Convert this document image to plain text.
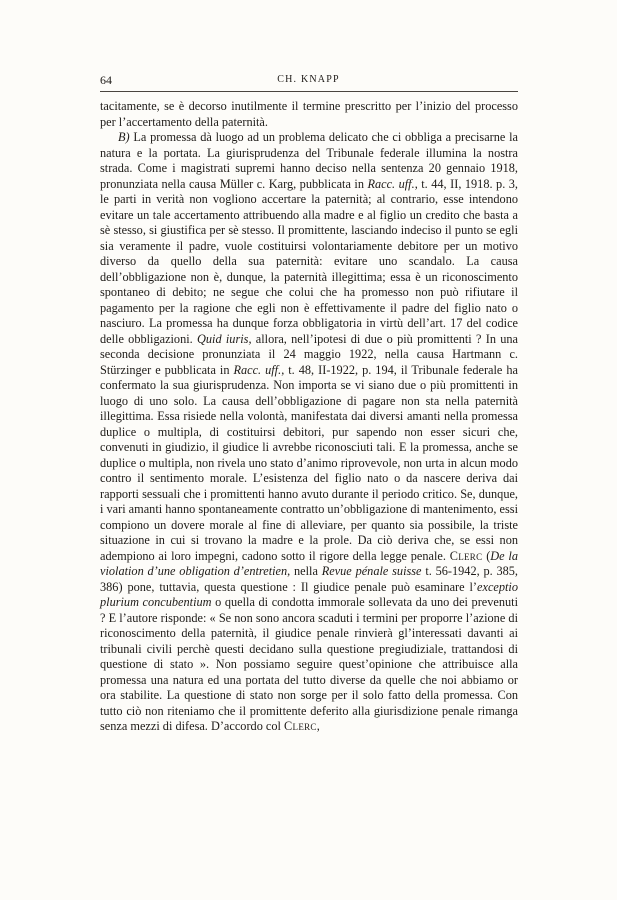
64	CH. KNAPP

tacitamente, se è decorso inutilmente il termine prescritto per l’inizio del processo per l’accertamento della paternità.

B) La promessa dà luogo ad un problema delicato che ci obbliga a precisarne la natura e la portata. La giurisprudenza del Tribunale federale illumina la nostra strada. Come i magistrati supremi hanno deciso nella sentenza 20 gennaio 1918, pronunziata nella causa Müller c. Karg, pubblicata in Racc. uff., t. 44, II, 1918. p. 3, le parti in verità non vogliono accertare la paternità; al contrario, esse intendono evitare un tale accertamento attribuendo alla madre e al figlio un credito che basta a sè stesso, si giustifica per sè stesso. Il promittente, lasciando indeciso il punto se egli sia veramente il padre, vuole costituirsi volontariamente debitore per un motivo diverso da quello della sua paternità: evitare uno scandalo. La causa dell’obbligazione non è, dunque, la paternità illegittima; essa è un riconoscimento spontaneo di debito; ne segue che colui che ha promesso non può rifiutare il pagamento per la ragione che egli non è effettivamente il padre del figlio nato o nasciuro. La promessa ha dunque forza obbligatoria in virtù dell’art. 17 del codice delle obbligazioni. Quid iuris, allora, nell’ipotesi di due o più promittenti ? In una seconda decisione pronunziata il 24 maggio 1922, nella causa Hartmann c. Stürzinger e pubblicata in Racc. uff., t. 48, II-1922, p. 194, il Tribunale federale ha confermato la sua giurisprudenza. Non importa se vi siano due o più promittenti in luogo di uno solo. La causa dell’obbligazione di pagare non sta nella paternità illegittima. Essa risiede nella volontà, manifestata dai diversi amanti nella promessa duplice o multipla, di costituirsi debitori, pur sapendo non esser sicuri che, convenuti in giudizio, il giudice li avrebbe riconosciuti tali. E la promessa, anche se duplice o multipla, non rivela uno stato d’animo riprovevole, non urta in alcun modo contro il sentimento morale. L’esistenza del figlio nato o da nascere deriva dai rapporti sessuali che i promittenti hanno avuto durante il periodo critico. Se, dunque, i vari amanti hanno spontaneamente contratto un’obbligazione di mantenimento, essi compiono un dovere morale al fine di alleviare, per quanto sia possibile, la triste situazione in cui si trovano la madre e la prole. Da ciò deriva che, se essi non adempiono ai loro impegni, cadono sotto il rigore della legge penale. Clerc (De la violation d’une obligation d’entretien, nella Revue pénale suisse t. 56-1942, p. 385, 386) pone, tuttavia, questa questione : Il giudice penale può esaminare l’exceptio plurium concubentium o quella di condotta immorale sollevata da uno dei prevenuti ? E l’autore risponde: « Se non sono ancora scaduti i termini per proporre l’azione di riconoscimento della paternità, il giudice penale rinvierà gl’interessati davanti ai tribunali civili perchè questi decidano sulla questione pregiudiziale, trattandosi di questione di stato ». Non possiamo seguire quest’opinione che attribuisce alla promessa una natura ed una portata del tutto diverse da quelle che noi abbiamo or ora stabilite. La questione di stato non sorge per il solo fatto della promessa. Con tutto ciò non riteniamo che il promittente deferito alla giurisdizione penale rimanga senza mezzi di difesa. D’accordo col Clerc,
